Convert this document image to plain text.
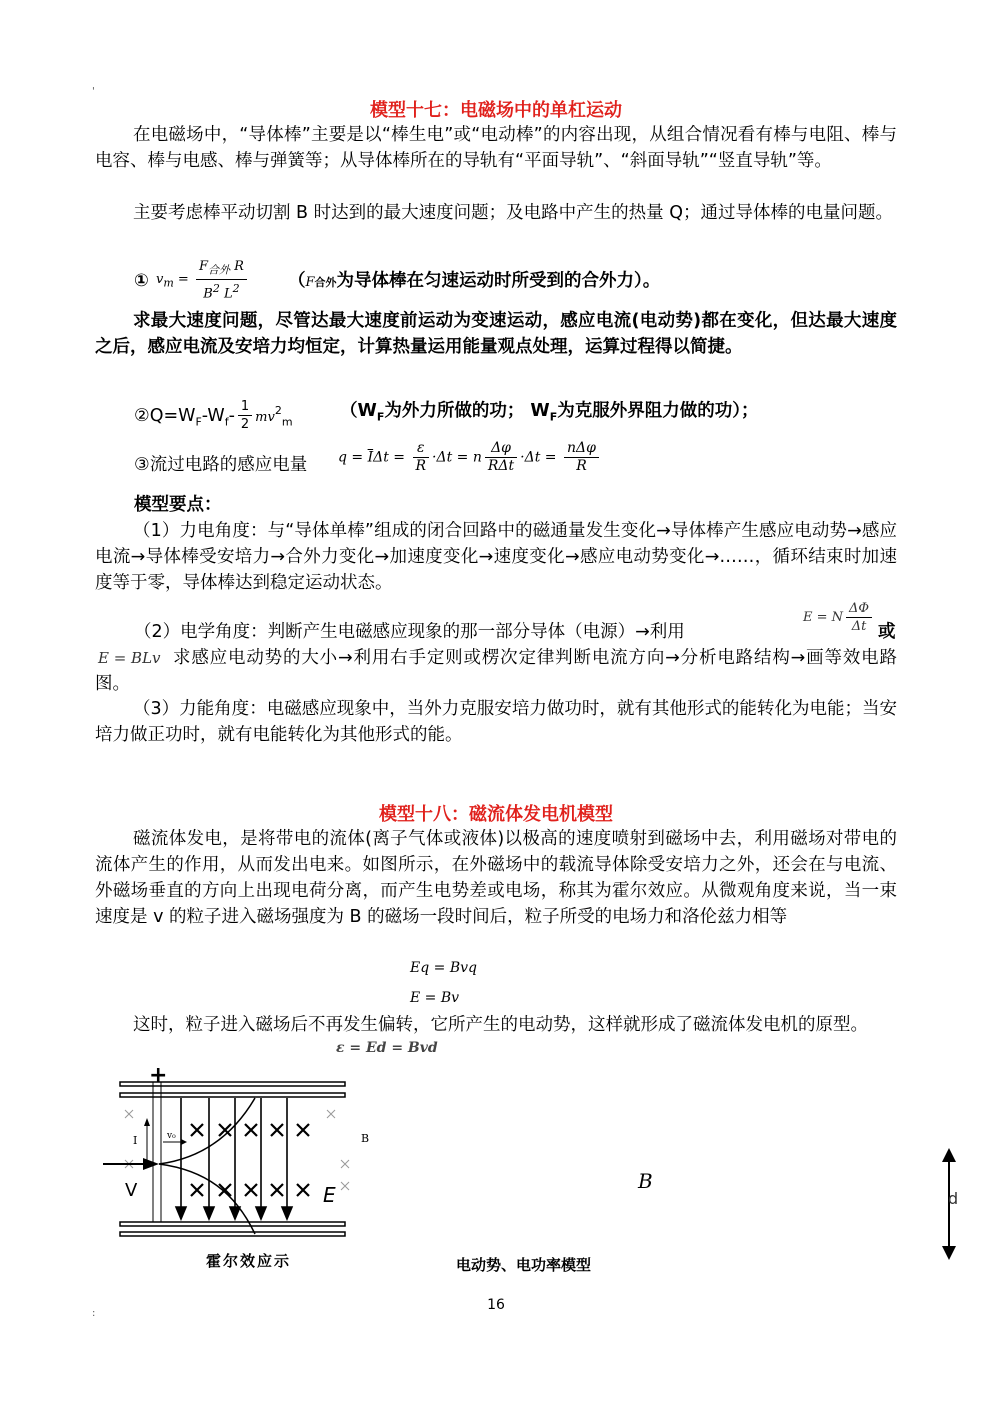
'
模型十七：电磁场中的单杠运动
在电磁场中，“导体棒”主要是以“棒生电”或“电动棒”的内容出现，从组合情况看有棒与电阻、棒与电容、棒与电感、棒与弹簧等；从导体棒所在的导轨有“平面导轨”、“斜面导轨”“竖直导轨”等。
主要考虑棒平动切割 B 时达到的最大速度问题；及电路中产生的热量 Q；通过导体棒的电量问题。
① $v_m = \frac{F_{合外} R}{B^2 L^2} (F$合外为导体棒在匀速运动时所受到的合外力）。
求最大速度问题，尽管达最大速度前运动为变速运动，感应电流(电动势)都在变化，但达最大速度之后，感应电流及安培力均恒定，计算热量运用能量观点处理，运算过程得以简捷。
$②Q=W_F-W_f- \frac{1}{2} mv^2_m$
（$W_F$为外力所做的功； $W_F$为克服外界阻力做的功）；
③流过电路的感应电量 $q = \overline{I}\Delta t = \frac{\varepsilon}{R} \cdot\Delta t = n \frac{\Delta\varphi}{\text{RΔt}} \cdot\Delta t = \frac{\text{nΔφ}}{R}$
模型要点：
（1）力电角度：与“导体单棒”组成的闭合回路中的磁通量发生变化→导体棒产生感应电动势→感应电流→导体棒受安培力→合外力变化→加速度变化→速度变化→感应电动势变化→……，循环结束时加速度等于零，导体棒达到稳定运动状态。
（2）电学角度：判断产生电磁感应现象的那一部分导体（电源）→利用
E = N $\frac{\Delta\Phi}{\Delta t}$ 或
E = BLv 求感应电动势的大小→利用右手定则或楞次定律判断电流方向→分析电路结构→画等效电路图。
（3）力能角度：电磁感应现象中，当外力克服安培力做功时，就有其他形式的能转化为电能；当安培力做正功时，就有电能转化为其他形式的能。
模型十八：磁流体发电机模型
磁流体发电，是将带电的流体(离子气体或液体)以极高的速度喷射到磁场中去，利用磁场对带电的流体产生的作用，从而发出电来。如图所示，在外磁场中的载流导体除受安培力之外，还会在与电流、外磁场垂直的方向上出现电荷分离，而产生电势差或电场，称其为霍尔效应。从微观角度来说，当一束速度是 v 的粒子进入磁场强度为 B 的磁场一段时间后，粒子所受的电场力和洛伦兹力相等
Eq = Bvq
E = Bv
这时，粒子进入磁场后不再发生偏转，它所产生的电动势，这样就形成了磁流体发电机的原型。
ε = Ed = Bvd
+
I	v₀	B
V	E
霍尔效应示
B
d
电动势、电功率模型
16
:
